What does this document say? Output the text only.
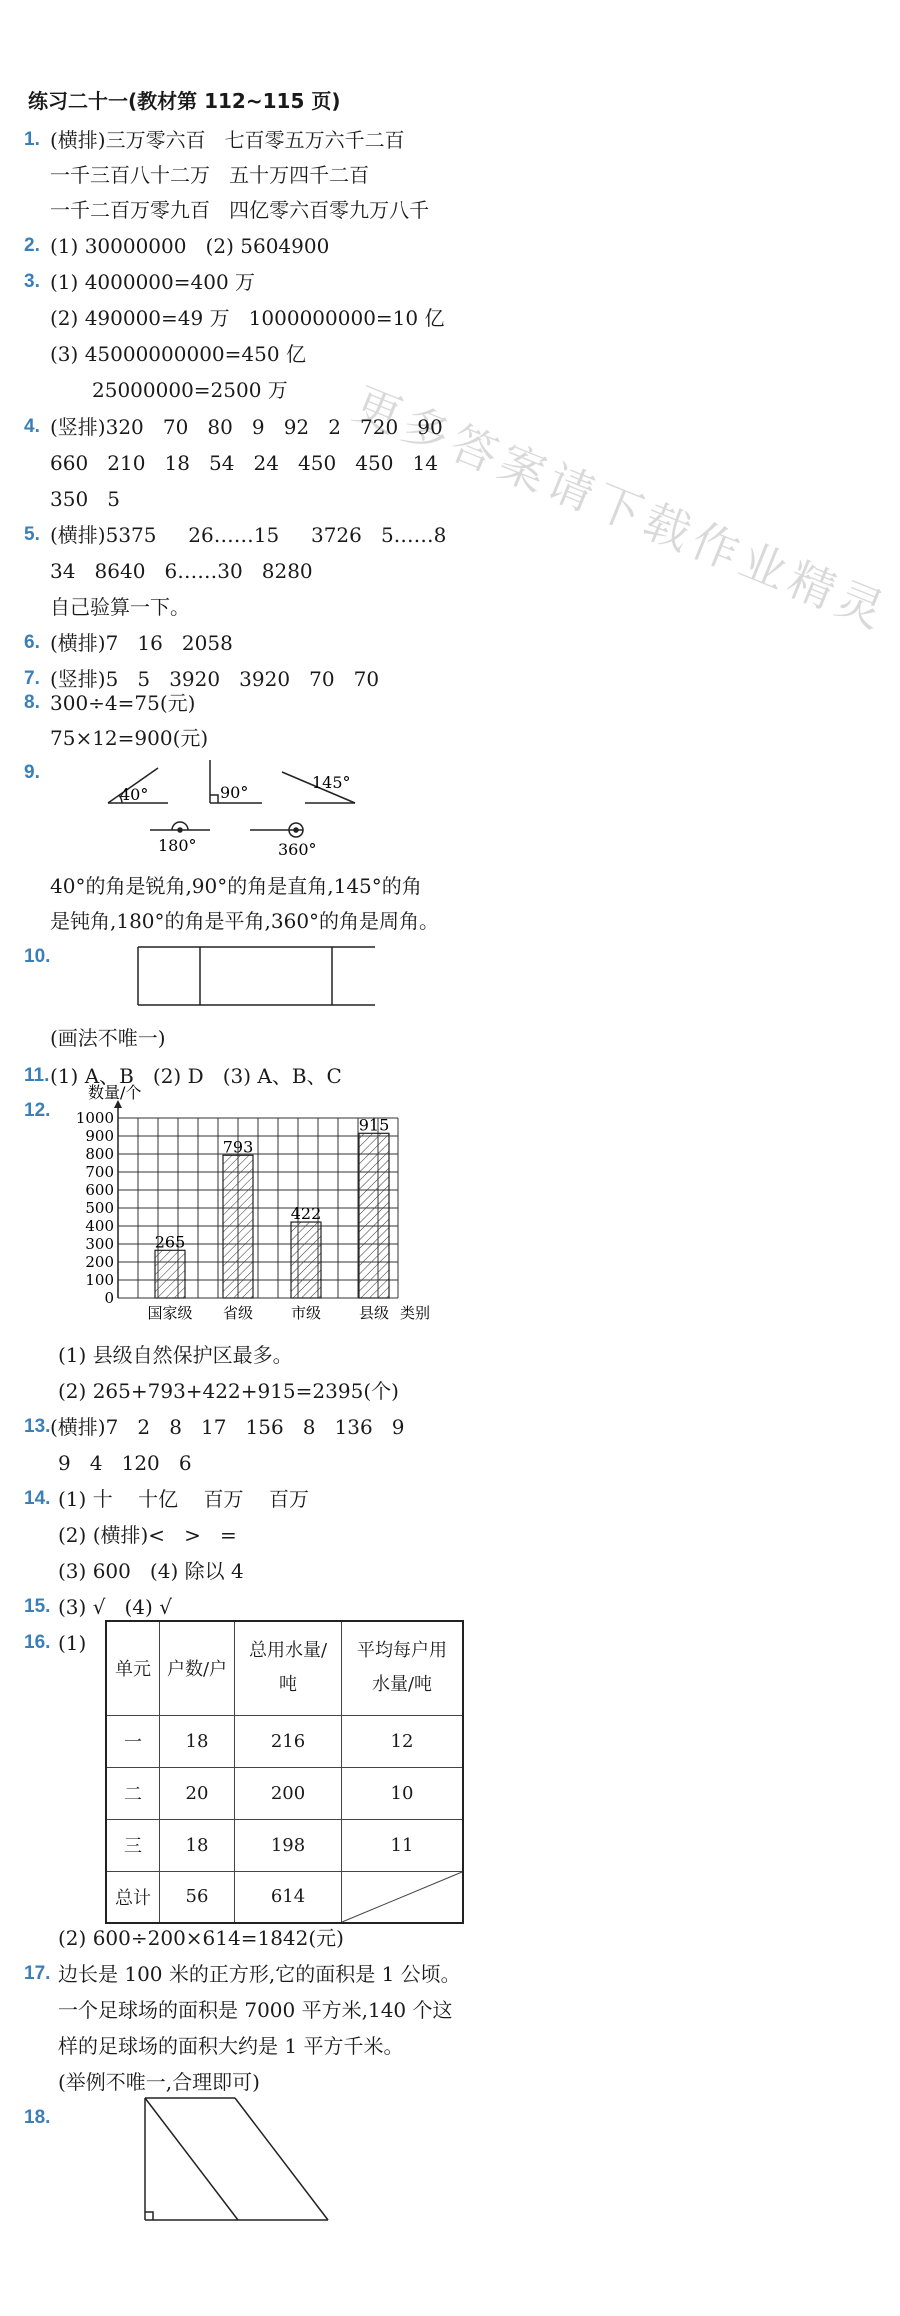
更多答案请下载作业精灵
练习二十一(教材第 112~115 页)
1. (横排)三万零六百   七百零五万六千二百
一千三百八十二万   五十万四千二百
一千二百万零九百   四亿零六百零九万八千
2. (1) 30000000   (2) 5604900
3. (1) 4000000=400 万
(2) 490000=49 万   1000000000=10 亿
(3) 45000000000=450 亿
25000000=2500 万
4. (竖排)320   70   80   9   92   2   720   90
660   210   18   54   24   450   450   14
350   5
5. (横排)5375     26……15     3726   5……8
34   8640   6……30   8280
自己验算一下。
6. (横排)7   16   2058
7. (竖排)5   5   3920   3920   70   70
8. 300÷4=75(元)
75×12=900(元)
9.
40°	90°
145°
180°	360°
40°的角是锐角,90°的角是直角,145°的角
是钝角,180°的角是平角,360°的角是周角。
10.
(画法不唯一)
11. (1) A、B   (2) D   (3) A、B、C
12.
0
100
200
300
400
500
600
700
800
900
1000
数量/个
265
国家级
793
省级
422
市级
915
县级 类别
(1) 县级自然保护区最多。
(2) 265+793+422+915=2395(个)
13. (横排)7   2   8   17   156   8   136   9
9   4   120   6
14. (1) 十    十亿    百万    百万
(2) (横排)<   >   =
(3) 600   (4) 除以 4
15. (3) √   (4) √
16. (1)
单元	户数/户	总用水量/吨	平均每户用水量/吨
一	18	216	12
二	20	200	10
三	18	198	11
总计	56	614	
(2) 600÷200×614=1842(元)
17. 边长是 100 米的正方形,它的面积是 1 公顷。
一个足球场的面积是 7000 平方米,140 个这
样的足球场的面积大约是 1 平方千米。
(举例不唯一,合理即可)
18.
